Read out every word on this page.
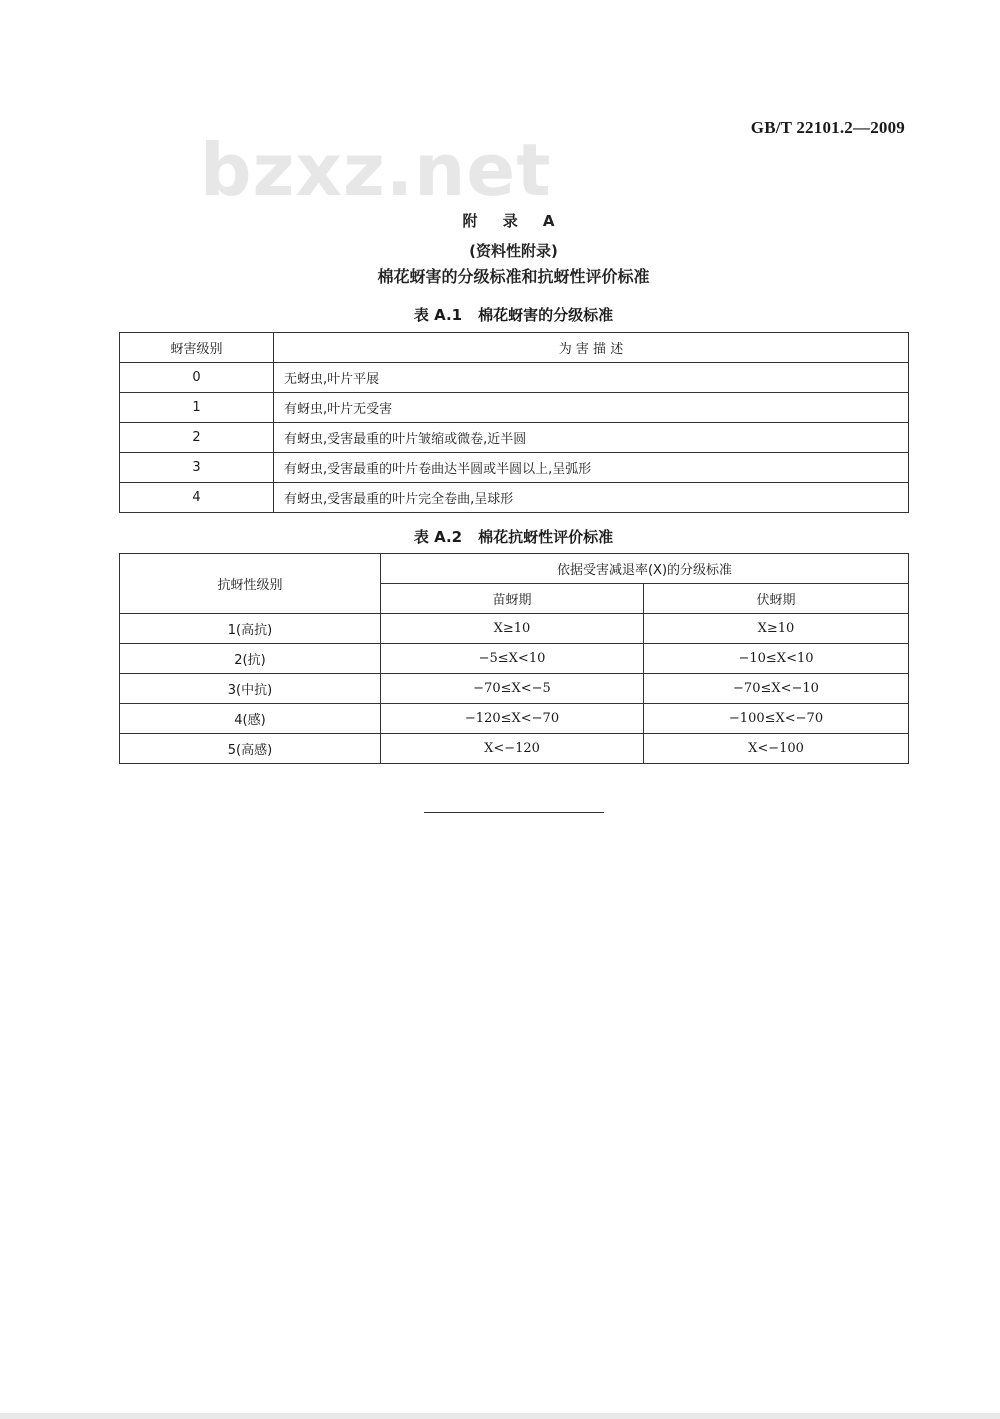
bzxz.net
GB/T 22101.2—2009
附 录 A
(资料性附录)
棉花蚜害的分级标准和抗蚜性评价标准
表 A.1 棉花蚜害的分级标准
蚜害级别	为 害 描 述
0	无蚜虫,叶片平展
1	有蚜虫,叶片无受害
2	有蚜虫,受害最重的叶片皱缩或微卷,近半圆
3	有蚜虫,受害最重的叶片卷曲达半圆或半圆以上,呈弧形
4	有蚜虫,受害最重的叶片完全卷曲,呈球形
表 A.2 棉花抗蚜性评价标准
抗蚜性级别	依据受害减退率(X)的分级标准	
	苗蚜期	伏蚜期
1(高抗)	X≥10	X≥10
2(抗)	−5≤X<10	−10≤X<10
3(中抗)	−70≤X<−5	−70≤X<−10
4(感)	−120≤X<−70	−100≤X<−70
5(高感)	X<−120	X<−100
